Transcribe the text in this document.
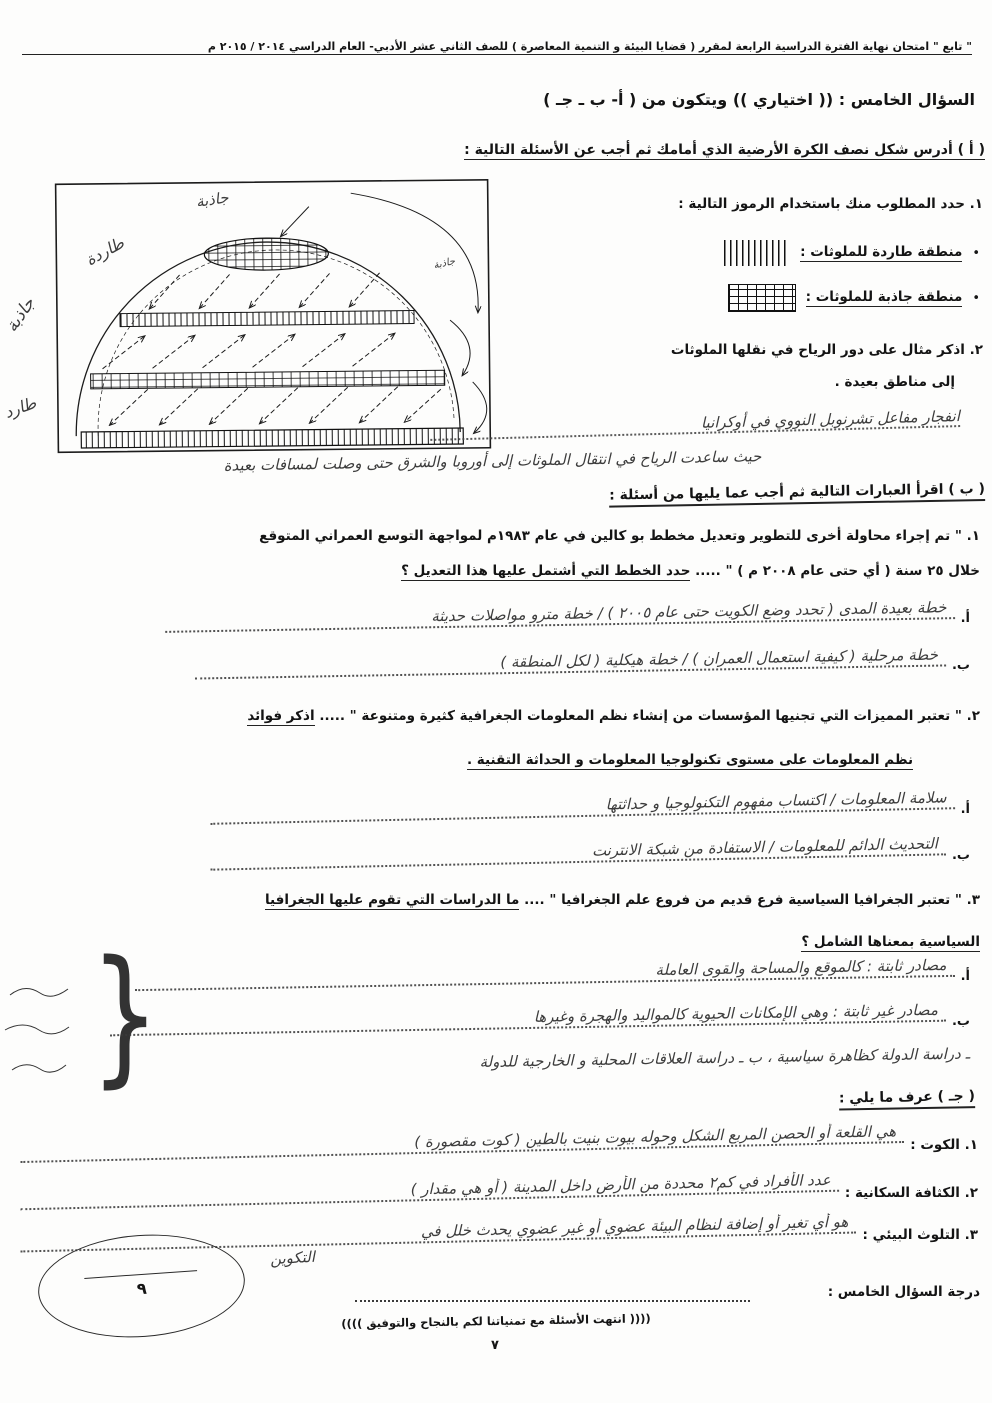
" تابع " امتحان نهاية الفترة الدراسية الرابعة لمقرر ( قضايا البيئة و التنمية المعاصرة ) للصف الثاني عشر الأدبي- العام الدراسي ٢٠١٤ / ٢٠١٥ م
السؤال الخامس : (( اختياري )) ويتكون من ( أ- ب ـ جـ )
( أ ) أدرس شكل نصف الكرة الأرضية الذي أمامك ثم أجب عن الأسئلة التالية :
جاذبة
طاردة	جاذبة
جاذبة
طارد
١. حدد المطلوب منك باستخدام الرموز التالية :
•
منطقة طاردة للملوثات :
•
منطقة جاذبة للملوثات :
٢. اذكر مثال على دور الرياح في نقلها الملوثات
إلى مناطق بعيدة .
انفجار مفاعل تشرنوبل النووي في أوكرانيا
حيث ساعدت الرياح في انتقال الملوثات إلى أوروبا والشرق حتى وصلت لمسافات بعيدة
( ب ) اقرأ العبارات التالية ثم أجب عما يليها من أسئلة :
١. " تم إجراء محاولة أخرى للتطوير وتعديل مخطط بو كالين في عام ١٩٨٣م لمواجهة التوسع العمراني المتوقع
خلال ٢٥ سنة ( أي حتى عام ٢٠٠٨ م ) " ..... حدد الخطط التي أشتمل عليها هذا التعديل ؟
أ.
خطة بعيدة المدى ( تحدد وضع الكويت حتى عام ٢٠٠٥ ) / خطة مترو مواصلات حديثة
ب.
خطة مرحلية ( كيفية استعمال العمران ) / خطة هيكلية ( لكل المنطقة )
٢. " تعتبر المميزات التي تجنيها المؤسسات من إنشاء نظم المعلومات الجغرافية كثيرة ومتنوعة " ..... اذكر فوائد
نظم المعلومات على مستوى تكنولوجيا المعلومات و الحداثة التقنية .
أ.
سلامة المعلومات / اكتساب مفهوم التكنولوجيا و حداثتها
ب.
التحديث الدائم للمعلومات / الاستفادة من شبكة الانترنت
٣. " تعتبر الجغرافيا السياسية فرع قديم من فروع علم الجغرافيا " .... ما الدراسات التي تقوم عليها الجغرافيا
السياسية بمعناها الشامل ؟
{	أ.
مصادر ثابتة : كالموقع والمساحة والقوى العاملة
ب.
مصادر غير ثابتة : وهي الإمكانات الحيوية كالمواليد والهجرة وغيرها
ـ دراسة الدولة كظاهرة سياسية ، ب ـ دراسة العلاقات المحلية و الخارجية للدولة
( جـ ) عرف ما يلي :
١. الكوت :
هي القلعة أو الحصن المربع الشكل وحوله بيوت بنيت بالطين ( كوت مقصورة )
٢. الكثافة السكانية :
عدد الأفراد في كم٢ محددة من الأرض داخل المدينة ( أو هي مقدار )
٣. التلوث البيئي :
هو أي تغير أو إضافة لنظام البيئة عضوي أو غير عضوي يحدث خلل في
التكوين
درجة السؤال الخامس :
٩
(((( انتهت الأسئلة مع تمنياتنا لكم بالنجاح والتوفيق ))))
٧
